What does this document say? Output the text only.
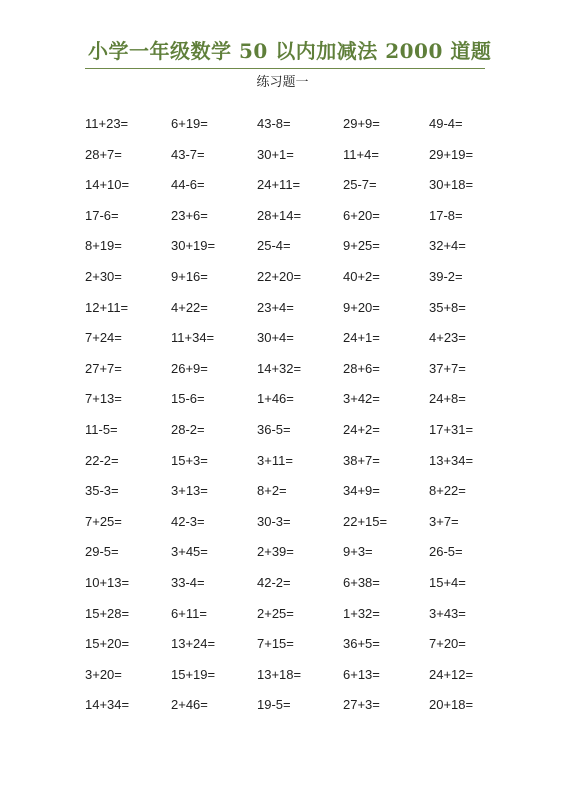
小学一年级数学 50 以内加减法 2000 道题
练习题一
11+23=	6+19=	43-8=	29+9=	49-4=
28+7=	43-7=	30+1=	11+4=	29+19=
14+10=	44-6=	24+11=	25-7=	30+18=
17-6=	23+6=	28+14=	6+20=	17-8=
8+19=	30+19=	25-4=	9+25=	32+4=
2+30=	9+16=	22+20=	40+2=	39-2=
12+11=	4+22=	23+4=	9+20=	35+8=
7+24=	11+34=	30+4=	24+1=	4+23=
27+7=	26+9=	14+32=	28+6=	37+7=
7+13=	15-6=	1+46=	3+42=	24+8=
11-5=	28-2=	36-5=	24+2=	17+31=
22-2=	15+3=	3+11=	38+7=	13+34=
35-3=	3+13=	8+2=	34+9=	8+22=
7+25=	42-3=	30-3=	22+15=	3+7=
29-5=	3+45=	2+39=	9+3=	26-5=
10+13=	33-4=	42-2=	6+38=	15+4=
15+28=	6+11=	2+25=	1+32=	3+43=
15+20=	13+24=	7+15=	36+5=	7+20=
3+20=	15+19=	13+18=	6+13=	24+12=
14+34=	2+46=	19-5=	27+3=	20+18=
